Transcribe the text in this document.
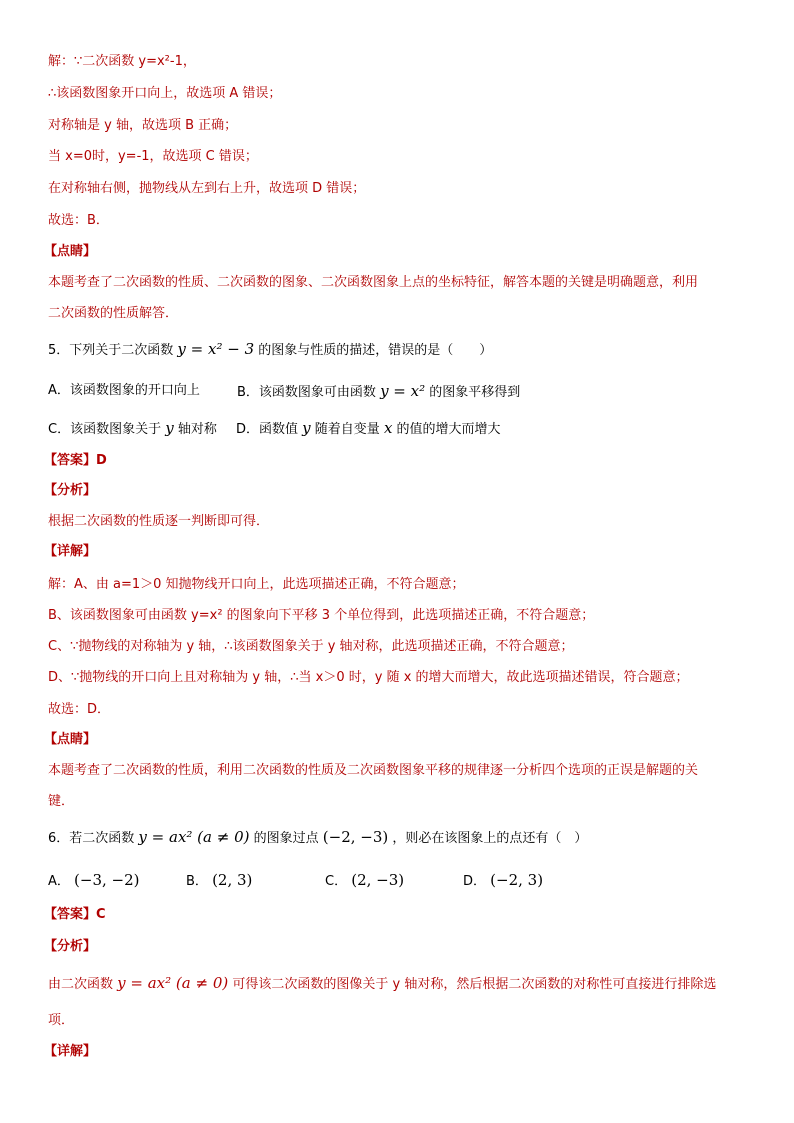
解：∵二次函数 y=x²-1，
∴该函数图象开口向上，故选项 A 错误；
对称轴是 y 轴，故选项 B 正确；
当 x=0时，y=-1，故选项 C 错误；
在对称轴右侧，抛物线从左到右上升，故选项 D 错误；
故选：B．
【点睛】
本题考查了二次函数的性质、二次函数的图象、二次函数图象上点的坐标特征，解答本题的关键是明确题意，利用
二次函数的性质解答．
5．下列关于二次函数 y = x² − 3 的图象与性质的描述，错误的是（　　）
A．该函数图象的开口向上	B．该函数图象可由函数 y = x² 的图象平移得到
C．该函数图象关于 y 轴对称 D．函数值 y 随着自变量 x 的值的增大而增大
【答案】D
【分析】
根据二次函数的性质逐一判断即可得．
【详解】
解：A、由 a=1＞0 知抛物线开口向上，此选项描述正确，不符合题意；
B、该函数图象可由函数 y=x² 的图象向下平移 3 个单位得到，此选项描述正确，不符合题意；
C、∵抛物线的对称轴为 y 轴，∴该函数图象关于 y 轴对称，此选项描述正确，不符合题意；
D、∵抛物线的开口向上且对称轴为 y 轴，∴当 x＞0 时，y 随 x 的增大而增大，故此选项描述错误，符合题意；
故选：D．
【点睛】
本题考查了二次函数的性质，利用二次函数的性质及二次函数图象平移的规律逐一分析四个选项的正误是解题的关
键．
6．若二次函数 y = ax² (a ≠ 0) 的图象过点 (−2, −3) ，则必在该图象上的点还有（　）
A． (−3, −2)	B． (2, 3)	C． (2, −3)	D． (−2, 3)
【答案】C
【分析】
由二次函数 y = ax² (a ≠ 0) 可得该二次函数的图像关于 y 轴对称，然后根据二次函数的对称性可直接进行排除选
项．
【详解】
